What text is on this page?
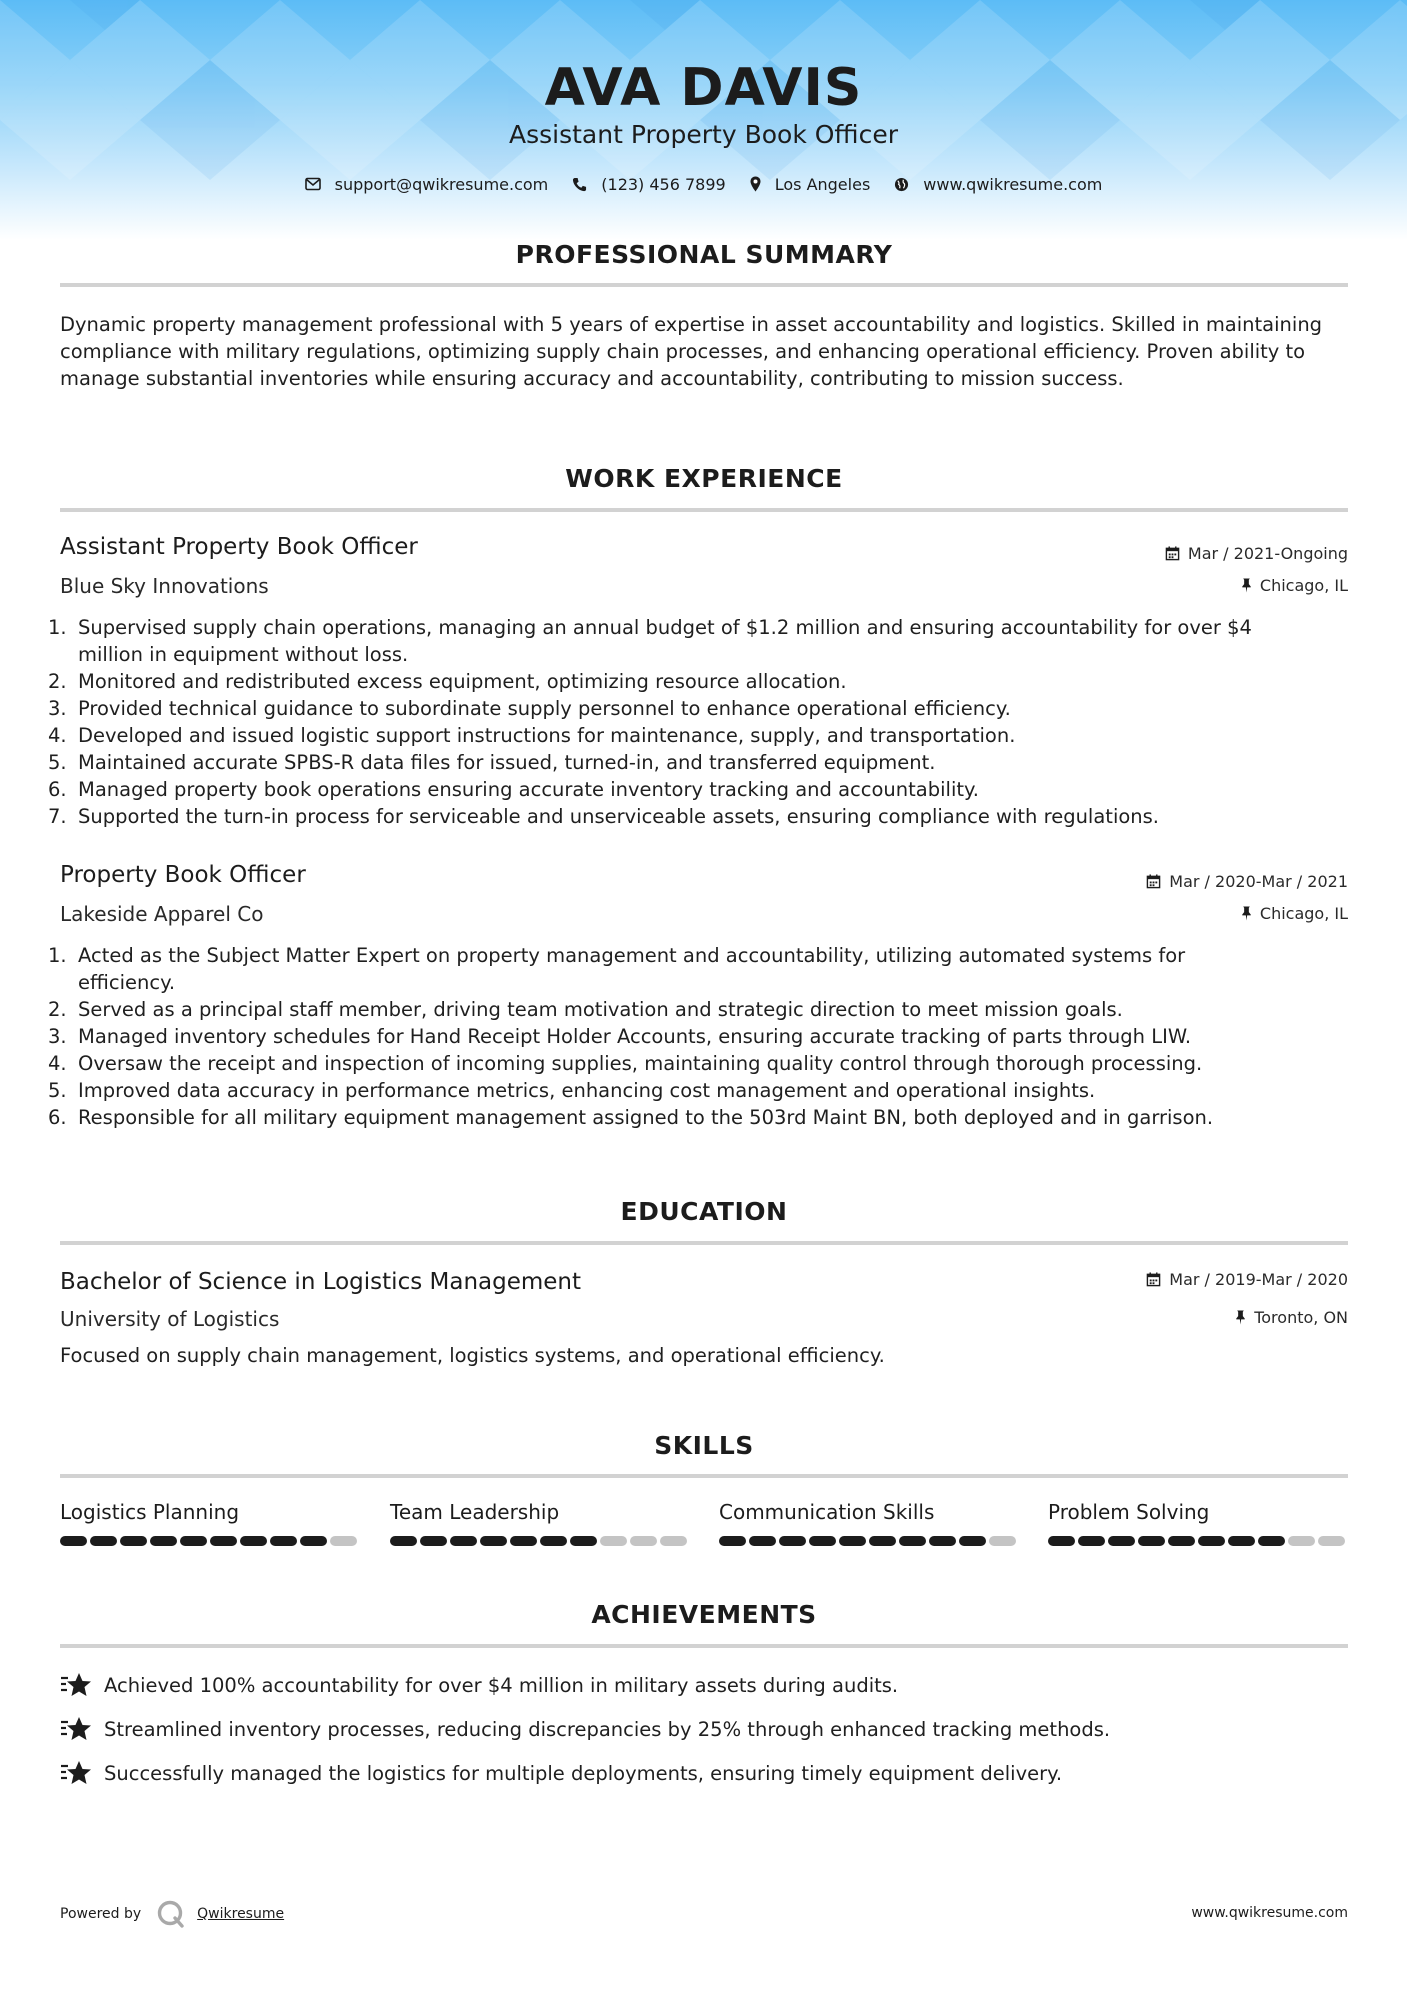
AVA DAVIS
Assistant Property Book Officer
support@qwikresume.com	(123) 456 7899	Los Angeles	www.qwikresume.com
PROFESSIONAL SUMMARY
Dynamic property management professional with 5 years of expertise in asset accountability and logistics. Skilled in maintaining compliance with military regulations, optimizing supply chain processes, and enhancing operational efficiency. Proven ability to manage substantial inventories while ensuring accuracy and accountability, contributing to mission success.
WORK EXPERIENCE
Assistant Property Book Officer	Mar / 2021-Ongoing
Blue Sky Innovations	Chicago, IL
1. Supervised supply chain operations, managing an annual budget of $1.2 million and ensuring accountability for over $4
million in equipment without loss.
2. Monitored and redistributed excess equipment, optimizing resource allocation.
3. Provided technical guidance to subordinate supply personnel to enhance operational efficiency.
4. Developed and issued logistic support instructions for maintenance, supply, and transportation.
5. Maintained accurate SPBS-R data files for issued, turned-in, and transferred equipment.
6. Managed property book operations ensuring accurate inventory tracking and accountability.
7. Supported the turn-in process for serviceable and unserviceable assets, ensuring compliance with regulations.
Property Book Officer	Mar / 2020-Mar / 2021
Lakeside Apparel Co	Chicago, IL
1. Acted as the Subject Matter Expert on property management and accountability, utilizing automated systems for
efficiency.
2. Served as a principal staff member, driving team motivation and strategic direction to meet mission goals.
3. Managed inventory schedules for Hand Receipt Holder Accounts, ensuring accurate tracking of parts through LIW.
4. Oversaw the receipt and inspection of incoming supplies, maintaining quality control through thorough processing.
5. Improved data accuracy in performance metrics, enhancing cost management and operational insights.
6. Responsible for all military equipment management assigned to the 503rd Maint BN, both deployed and in garrison.
EDUCATION
Bachelor of Science in Logistics Management	Mar / 2019-Mar / 2020
University of Logistics	Toronto, ON
Focused on supply chain management, logistics systems, and operational efficiency.
SKILLS
Logistics Planning	Team Leadership	Communication Skills	Problem Solving
ACHIEVEMENTS
Achieved 100% accountability for over $4 million in military assets during audits.
Streamlined inventory processes, reducing discrepancies by 25% through enhanced tracking methods.
Successfully managed the logistics for multiple deployments, ensuring timely equipment delivery.
Powered by	Qwikresume	www.qwikresume.com
